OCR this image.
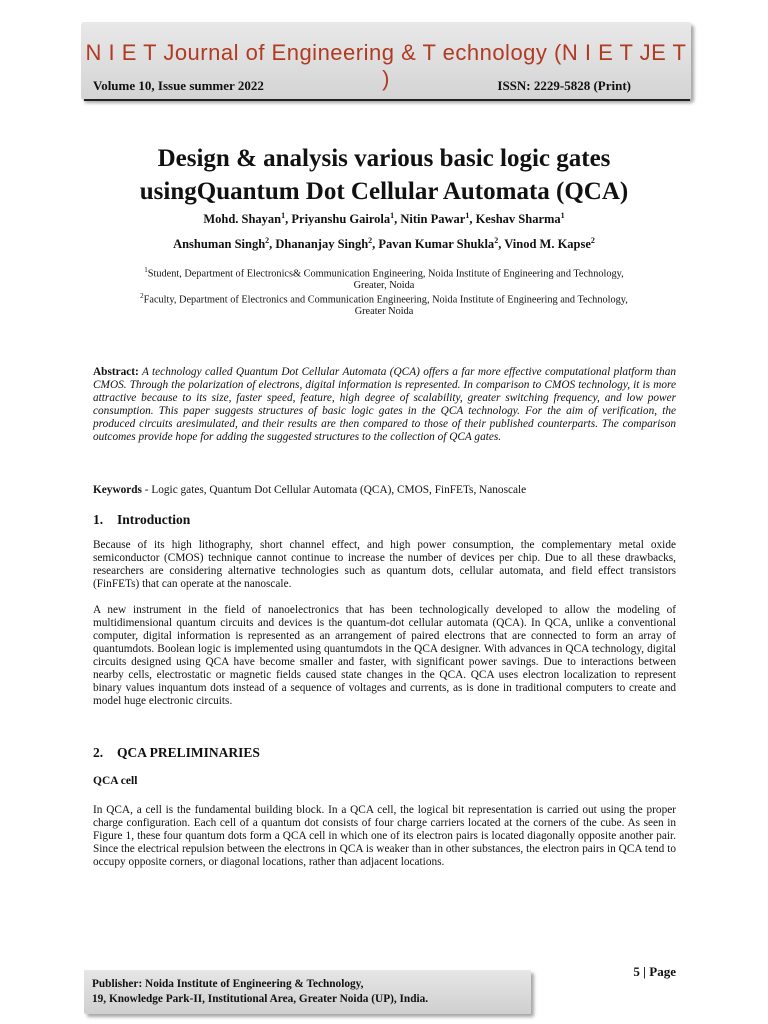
N I E T Journal of Engineering & T echnology (N I E T JE T )
Volume 10, Issue summer 2022	ISSN: 2229-5828 (Print)
Design & analysis various basic logic gates
usingQuantum Dot Cellular Automata (QCA)
Mohd. Shayan$^1$, Priyanshu Gairola$^1$, Nitin Pawar$^1$, Keshav Sharma$^1$
Anshuman Singh$^2$, Dhananjay Singh$^2$, Pavan Kumar Shukla$^2$, Vinod M. Kapse$^2$
$^1$Student, Department of Electronics& Communication Engineering, Noida Institute of Engineering and Technology,
Greater, Noida
$^2$Faculty, Department of Electronics and Communication Engineering, Noida Institute of Engineering and Technology,
Greater Noida
Abstract: A technology called Quantum Dot Cellular Automata (QCA) offers a far more effective computational platform than CMOS. Through the polarization of electrons, digital information is represented. In comparison to CMOS technology, it is more attractive because to its size, faster speed, feature, high degree of scalability, greater switching frequency, and low power consumption. This paper suggests structures of basic logic gates in the QCA technology. For the aim of verification, the produced circuits aresimulated, and their results are then compared to those of their published counterparts. The comparison outcomes provide hope for adding the suggested structures to the collection of QCA gates.
Keywords - Logic gates, Quantum Dot Cellular Automata (QCA), CMOS, FinFETs, Nanoscale
1. Introduction
Because of its high lithography, short channel effect, and high power consumption, the complementary metal oxide semiconductor (CMOS) technique cannot continue to increase the number of devices per chip. Due to all these drawbacks, researchers are considering alternative technologies such as quantum dots, cellular automata, and field effect transistors (FinFETs) that can operate at the nanoscale.
A new instrument in the field of nanoelectronics that has been technologically developed to allow the modeling of multidimensional quantum circuits and devices is the quantum-dot cellular automata (QCA). In QCA, unlike a conventional computer, digital information is represented as an arrangement of paired electrons that are connected to form an array of quantumdots. Boolean logic is implemented using quantumdots in the QCA designer. With advances in QCA technology, digital circuits designed using QCA have become smaller and faster, with significant power savings. Due to interactions between nearby cells, electrostatic or magnetic fields caused state changes in the QCA. QCA uses electron localization to represent binary values inquantum dots instead of a sequence of voltages and currents, as is done in traditional computers to create and model huge electronic circuits.
2. QCA PRELIMINARIES
QCA cell
In QCA, a cell is the fundamental building block. In a QCA cell, the logical bit representation is carried out using the proper charge configuration. Each cell of a quantum dot consists of four charge carriers located at the corners of the cube. As seen in Figure 1, these four quantum dots form a QCA cell in which one of its electron pairs is located diagonally opposite another pair. Since the electrical repulsion between the electrons in QCA is weaker than in other substances, the electron pairs in QCA tend to occupy opposite corners, or diagonal locations, rather than adjacent locations.
5 | Page
Publisher: Noida Institute of Engineering & Technology,
19, Knowledge Park-II, Institutional Area, Greater Noida (UP), India.
